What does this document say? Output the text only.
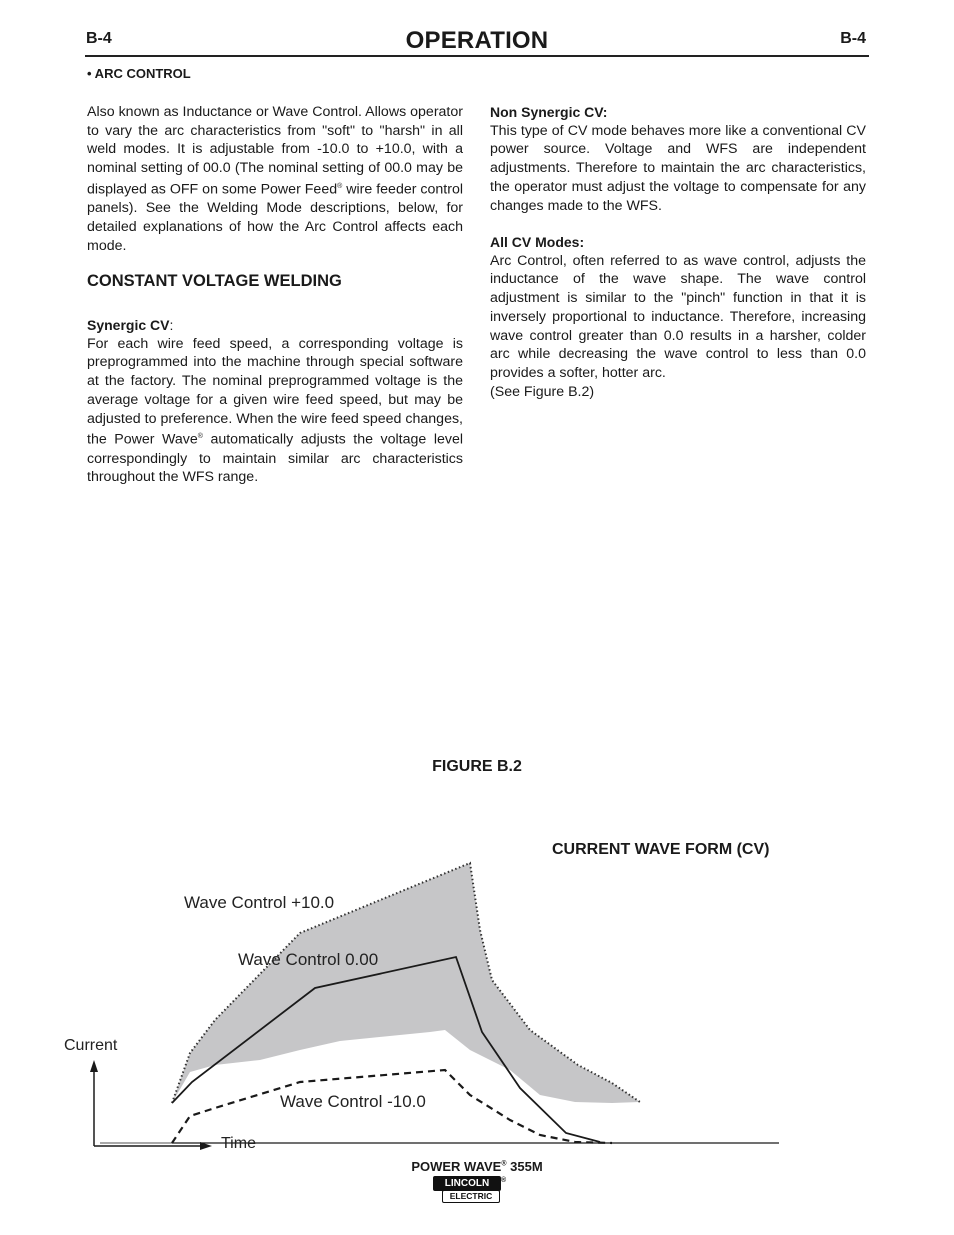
B-4	OPERATION	B-4
• ARC CONTROL

Also known as Inductance or Wave Control. Allows operator to vary the arc characteristics from "soft" to "harsh" in all weld modes. It is adjustable from -10.0 to +10.0, with a nominal setting of 00.0 (The nominal setting of 00.0 may be displayed as OFF on some Power Feed® wire feeder control panels). See the Welding Mode descriptions, below, for detailed explanations of how the Arc Control affects each mode.

CONSTANT VOLTAGE WELDING

Synergic CV:

For each wire feed speed, a corresponding voltage is preprogrammed into the machine through special software at the factory. The nominal preprogrammed voltage is the average voltage for a given wire feed speed, but may be adjusted to preference. When the wire feed speed changes, the Power Wave® automatically adjusts the voltage level correspondingly to maintain similar arc characteristics throughout the WFS range.

Non Synergic CV:

This type of CV mode behaves more like a conventional CV power source. Voltage and WFS are independent adjustments. Therefore to maintain the arc characteristics, the operator must adjust the voltage to compensate for any changes made to the WFS.

All CV Modes:

Arc Control, often referred to as wave control, adjusts the inductance of the wave shape. The wave control adjustment is similar to the "pinch" function in that it is inversely proportional to inductance. Therefore, increasing wave control greater than 0.0 results in a harsher, colder arc while decreasing the wave control to less than 0.0 provides a softer, hotter arc.

(See Figure B.2)

FIGURE B.2
CURRENT WAVE FORM (CV)
Wave Control +10.0
Wave Control 0.00
Wave Control -10.0
Current
Time
POWER WAVE® 355M
LINCOLN	®
ELECTRIC
